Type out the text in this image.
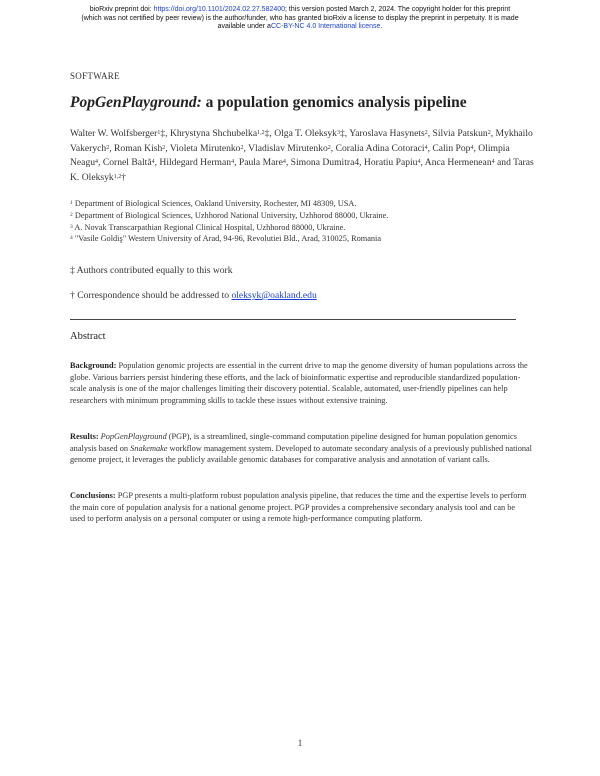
bioRxiv preprint doi: https://doi.org/10.1101/2024.02.27.582400; this version posted March 2, 2024. The copyright holder for this preprint
(which was not certified by peer review) is the author/funder, who has granted bioRxiv a license to display the preprint in perpetuity. It is made
available under aCC-BY-NC 4.0 International license.
SOFTWARE
PopGenPlayground: a population genomics analysis pipeline
Walter W. Wolfsberger$^1$‡, Khrystyna Shchubelka$^{1,2}$‡, Olga T. Oleksyk$^3$‡, Yaroslava Hasynets$^2$, Silvia Patskun$^2$, Mykhailo Vakerych$^2$, Roman Kish$^2$, Violeta Mirutenko$^2$, Vladislav Mirutenko$^2$, Coralia Adina Cotoraci$^4$, Calin Pop$^4$, Olimpia Neagu$^4$, Cornel Baltă$^4$, Hildegard Herman$^4$, Paula Mare$^4$, Simona Dumitra4, Horatiu Papiu$^4$, Anca Hermenean$^4$ and Taras K. Oleksyk$^{1,2}$†
$^1$ Department of Biological Sciences, Oakland University, Rochester, MI 48309, USA.
$^2$ Department of Biological Sciences, Uzhhorod National University, Uzhhorod 88000, Ukraine.
$^3$ A. Novak Transcarpathian Regional Clinical Hospital, Uzhhorod 88000, Ukraine.
$^4$ "Vasile Goldiş" Western University of Arad, 94-96, Revolutiei Bld., Arad, 310025, Romania
‡ Authors contributed equally to this work
† Correspondence should be addressed to oleksyk@oakland.edu
Abstract
Background: Population genomic projects are essential in the current drive to map the genome diversity of human populations across the globe. Various barriers persist hindering these efforts, and the lack of bioinformatic expertise and reproducible standardized population-scale analysis is one of the major challenges limiting their discovery potential. Scalable, automated, user-friendly pipelines can help researchers with minimum programming skills to tackle these issues without extensive training.
Results: PopGenPlayground (PGP), is a streamlined, single-command computation pipeline designed for human population genomics analysis based on Snakemake workflow management system. Developed to automate secondary analysis of a previously published national genome project, it leverages the publicly available genomic databases for comparative analysis and annotation of variant calls.
Conclusions: PGP presents a multi-platform robust population analysis pipeline, that reduces the time and the expertise levels to perform the main core of population analysis for a national genome project. PGP provides a comprehensive secondary analysis tool and can be used to perform analysis on a personal computer or using a remote high-performance computing platform.
1
